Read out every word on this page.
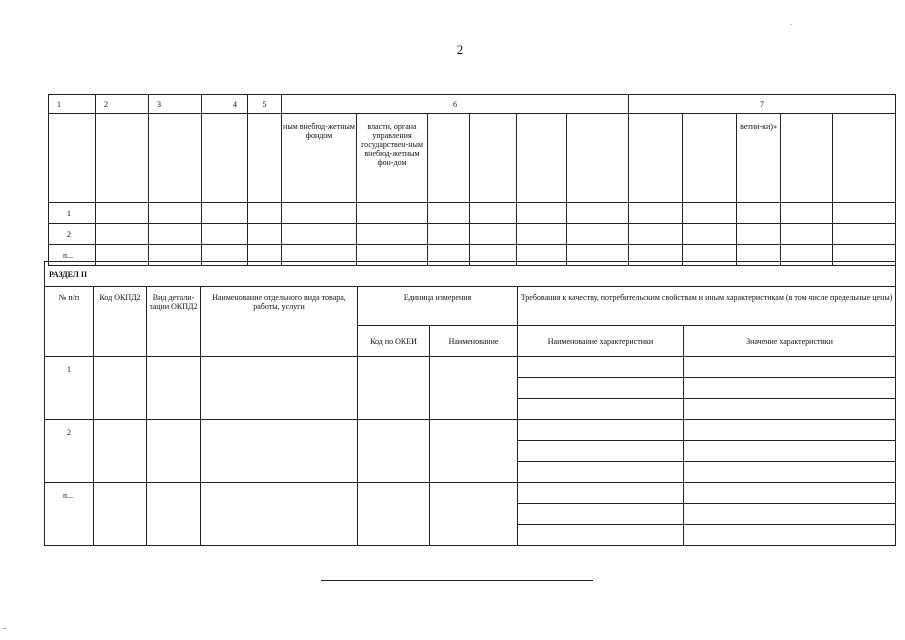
.
2
1	2	3	4	5	6						7				
					ным внебюд-жетным фондом	власти, органа управления государствен-ным внебюд-жетным фон-дом							ветни-ки)»		
1															
2															
n...															
РАЗДЕЛ II							
№ п/п	Код ОКПД2	Вид детали-зации ОКПД2	Наименование отдельного вида товара, работы, услуги	Единица измерения		Требования к качеству, потребительским свойствам и иным характеристикам (в том числе предельные цены)	
				Код по ОКЕИ	Наименование	Наименование характеристики	Значение характеристики
1							

2							

n...							

‾
